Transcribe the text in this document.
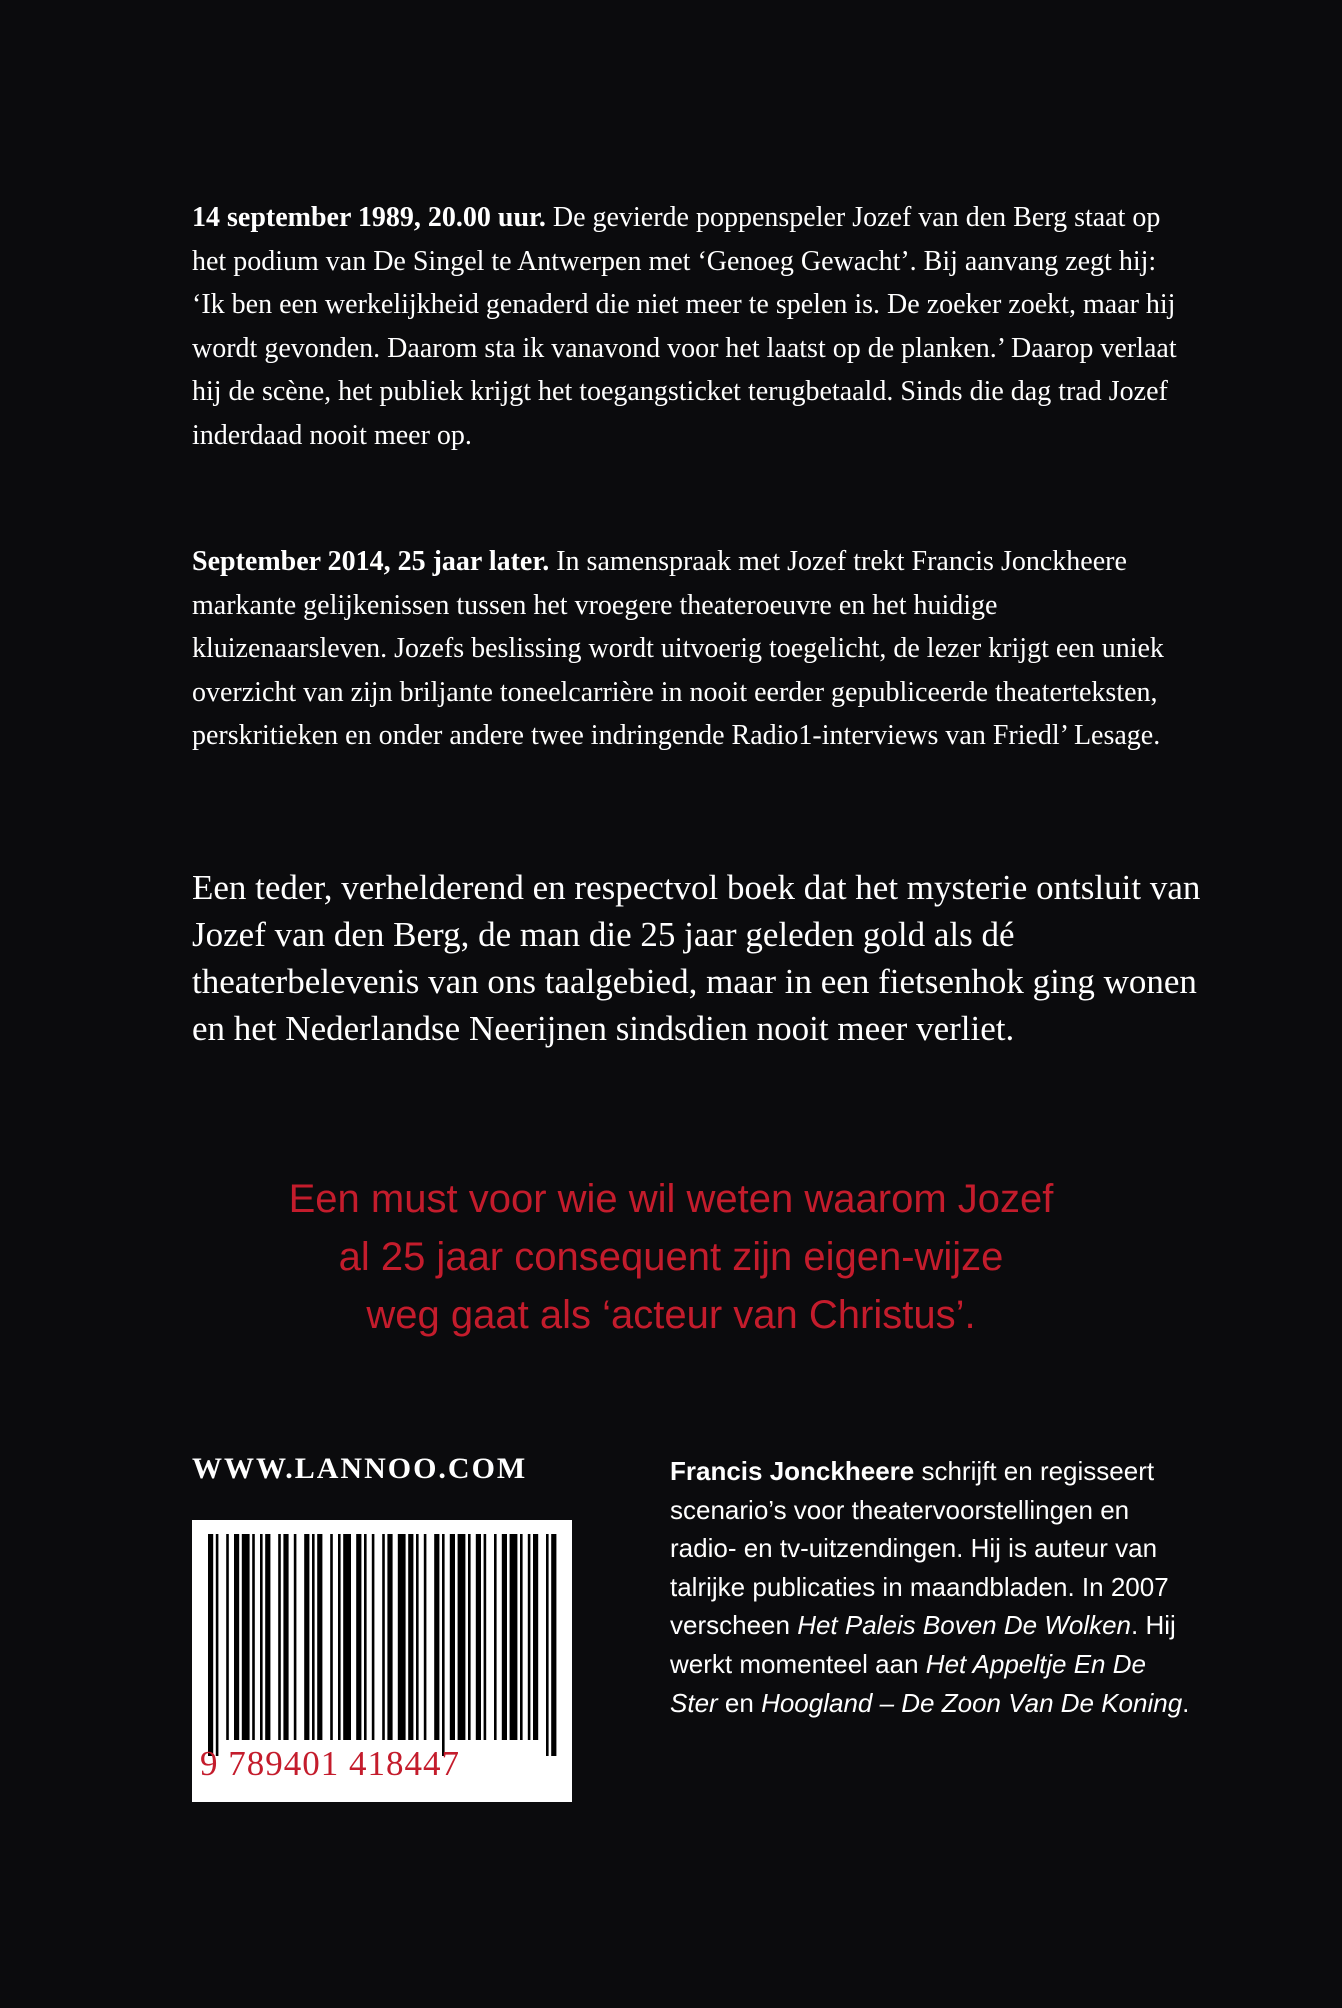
14 september 1989, 20.00 uur. De gevierde poppenspeler Jozef van den Berg staat op het podium van De Singel te Antwerpen met ‘Genoeg Gewacht’. Bij aanvang zegt hij: ‘Ik ben een werkelijkheid genaderd die niet meer te spelen is. De zoeker zoekt, maar hij wordt gevonden. Daarom sta ik vanavond voor het laatst op de planken.’ Daarop verlaat hij de scène, het publiek krijgt het toegangsticket terugbetaald. Sinds die dag trad Jozef inderdaad nooit meer op.

September 2014, 25 jaar later. In samenspraak met Jozef trekt Francis Jonckheere markante gelijkenissen tussen het vroegere theateroeuvre en het huidige kluizenaarsleven. Jozefs beslissing wordt uitvoerig toegelicht, de lezer krijgt een uniek overzicht van zijn briljante toneelcarrière in nooit eerder gepubliceerde theaterteksten, perskritieken en onder andere twee indringende Radio1-interviews van Friedl’ Lesage.

Een teder, verhelderend en respectvol boek dat het mysterie ontsluit van Jozef van den Berg, de man die 25 jaar geleden gold als dé theaterbelevenis van ons taalgebied, maar in een fietsenhok ging wonen en het Nederlandse Neerijnen sindsdien nooit meer verliet.

Een must voor wie wil weten waarom Jozef
al 25 jaar consequent zijn eigen-wijze
weg gaat als ‘acteur van Christus’.
WWW.LANNOO.COM
9 789401 418447

Francis Jonckheere schrijft en regisseert scenario’s voor theatervoorstellingen en radio- en tv-uitzendingen. Hij is auteur van talrijke publicaties in maandbladen. In 2007 verscheen Het Paleis Boven De Wolken. Hij werkt momenteel aan Het Appeltje En De Ster en Hoogland – De Zoon Van De Koning.
